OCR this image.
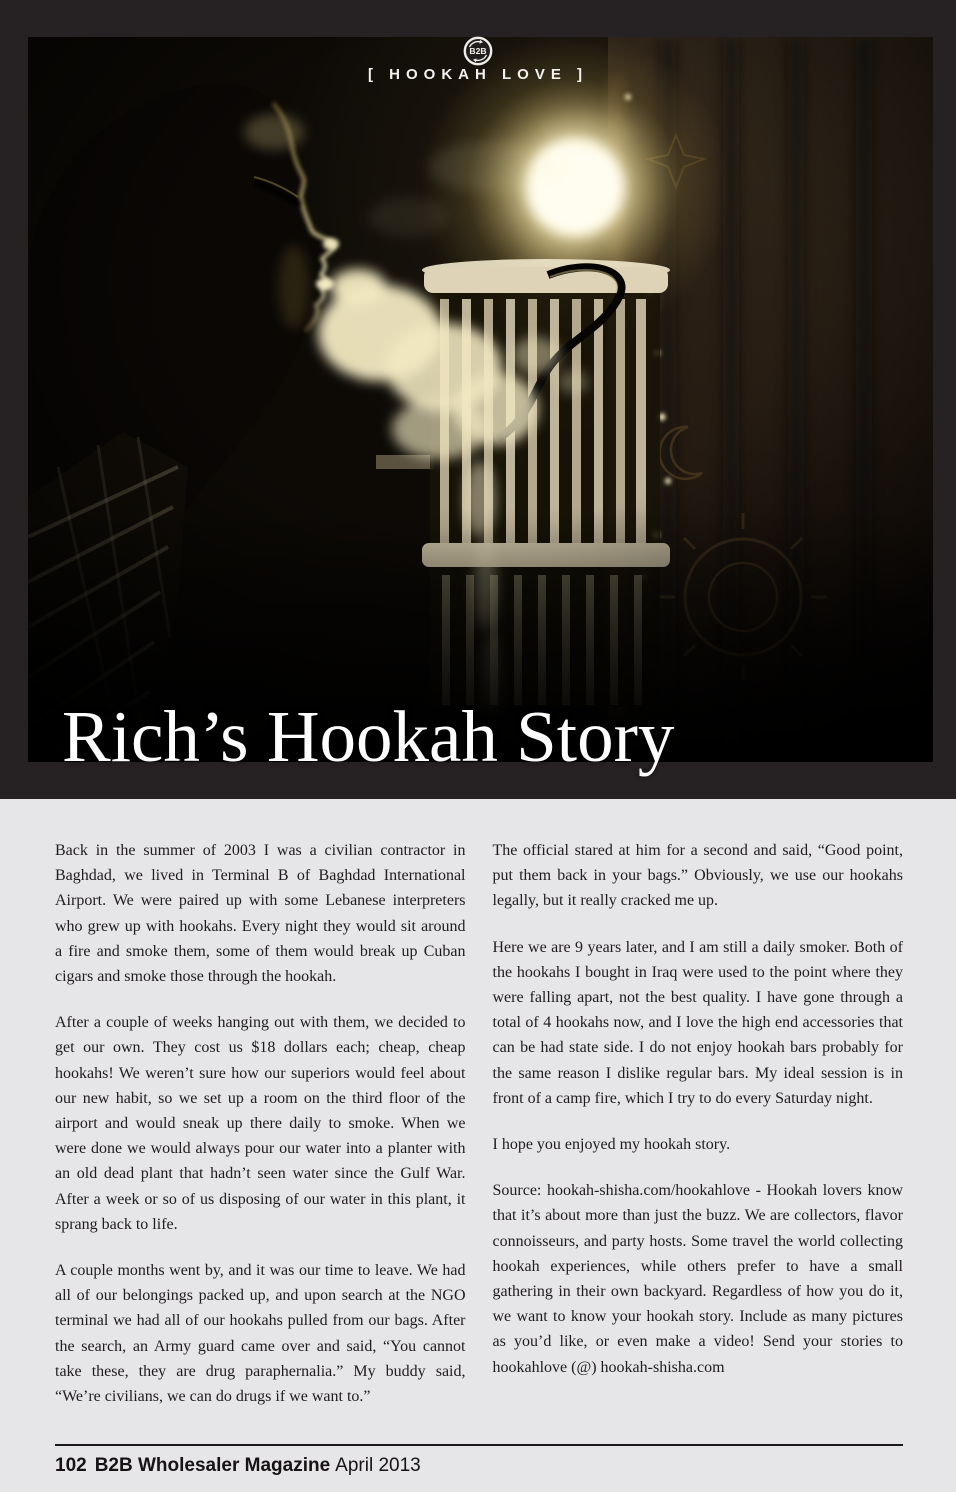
B2B
[ HOOKAH LOVE ]
Rich’s Hookah Story

Back in the summer of 2003 I was a civilian contractor in Baghdad, we lived in Terminal B of Baghdad International Airport. We were paired up with some Lebanese interpreters who grew up with hookahs. Every night they would sit around a fire and smoke them, some of them would break up Cuban cigars and smoke those through the hookah.

After a couple of weeks hanging out with them, we decided to get our own. They cost us $18 dollars each; cheap, cheap hookahs! We weren’t sure how our superiors would feel about our new habit, so we set up a room on the third floor of the airport and would sneak up there daily to smoke. When we were done we would always pour our water into a planter with an old dead plant that hadn’t seen water since the Gulf War. After a week or so of us disposing of our water in this plant, it sprang back to life.

A couple months went by, and it was our time to leave. We had all of our belongings packed up, and upon search at the NGO terminal we had all of our hookahs pulled from our bags. After the search, an Army guard came over and said, “You cannot take these, they are drug paraphernalia.” My buddy said, “We’re civilians, we can do drugs if we want to.”

The official stared at him for a second and said, “Good point, put them back in your bags.” Obviously, we use our hookahs legally, but it really cracked me up.

Here we are 9 years later, and I am still a daily smoker. Both of the hookahs I bought in Iraq were used to the point where they were falling apart, not the best quality. I have gone through a total of 4 hookahs now, and I love the high end accessories that can be had state side. I do not enjoy hookah bars probably for the same reason I dislike regular bars. My ideal session is in front of a camp fire, which I try to do every Saturday night.

I hope you enjoyed my hookah story.

Source: hookah-shisha.com/hookahlove - Hookah lovers know that it’s about more than just the buzz. We are collectors, flavor connoisseurs, and party hosts. Some travel the world collecting hookah experiences, while others prefer to have a small gathering in their own backyard. Regardless of how you do it, we want to know your hookah story. Include as many pictures as you’d like, or even make a video! Send your stories to hookahlove (@) hookah-shisha.com

102 B2B Wholesaler Magazine April 2013
